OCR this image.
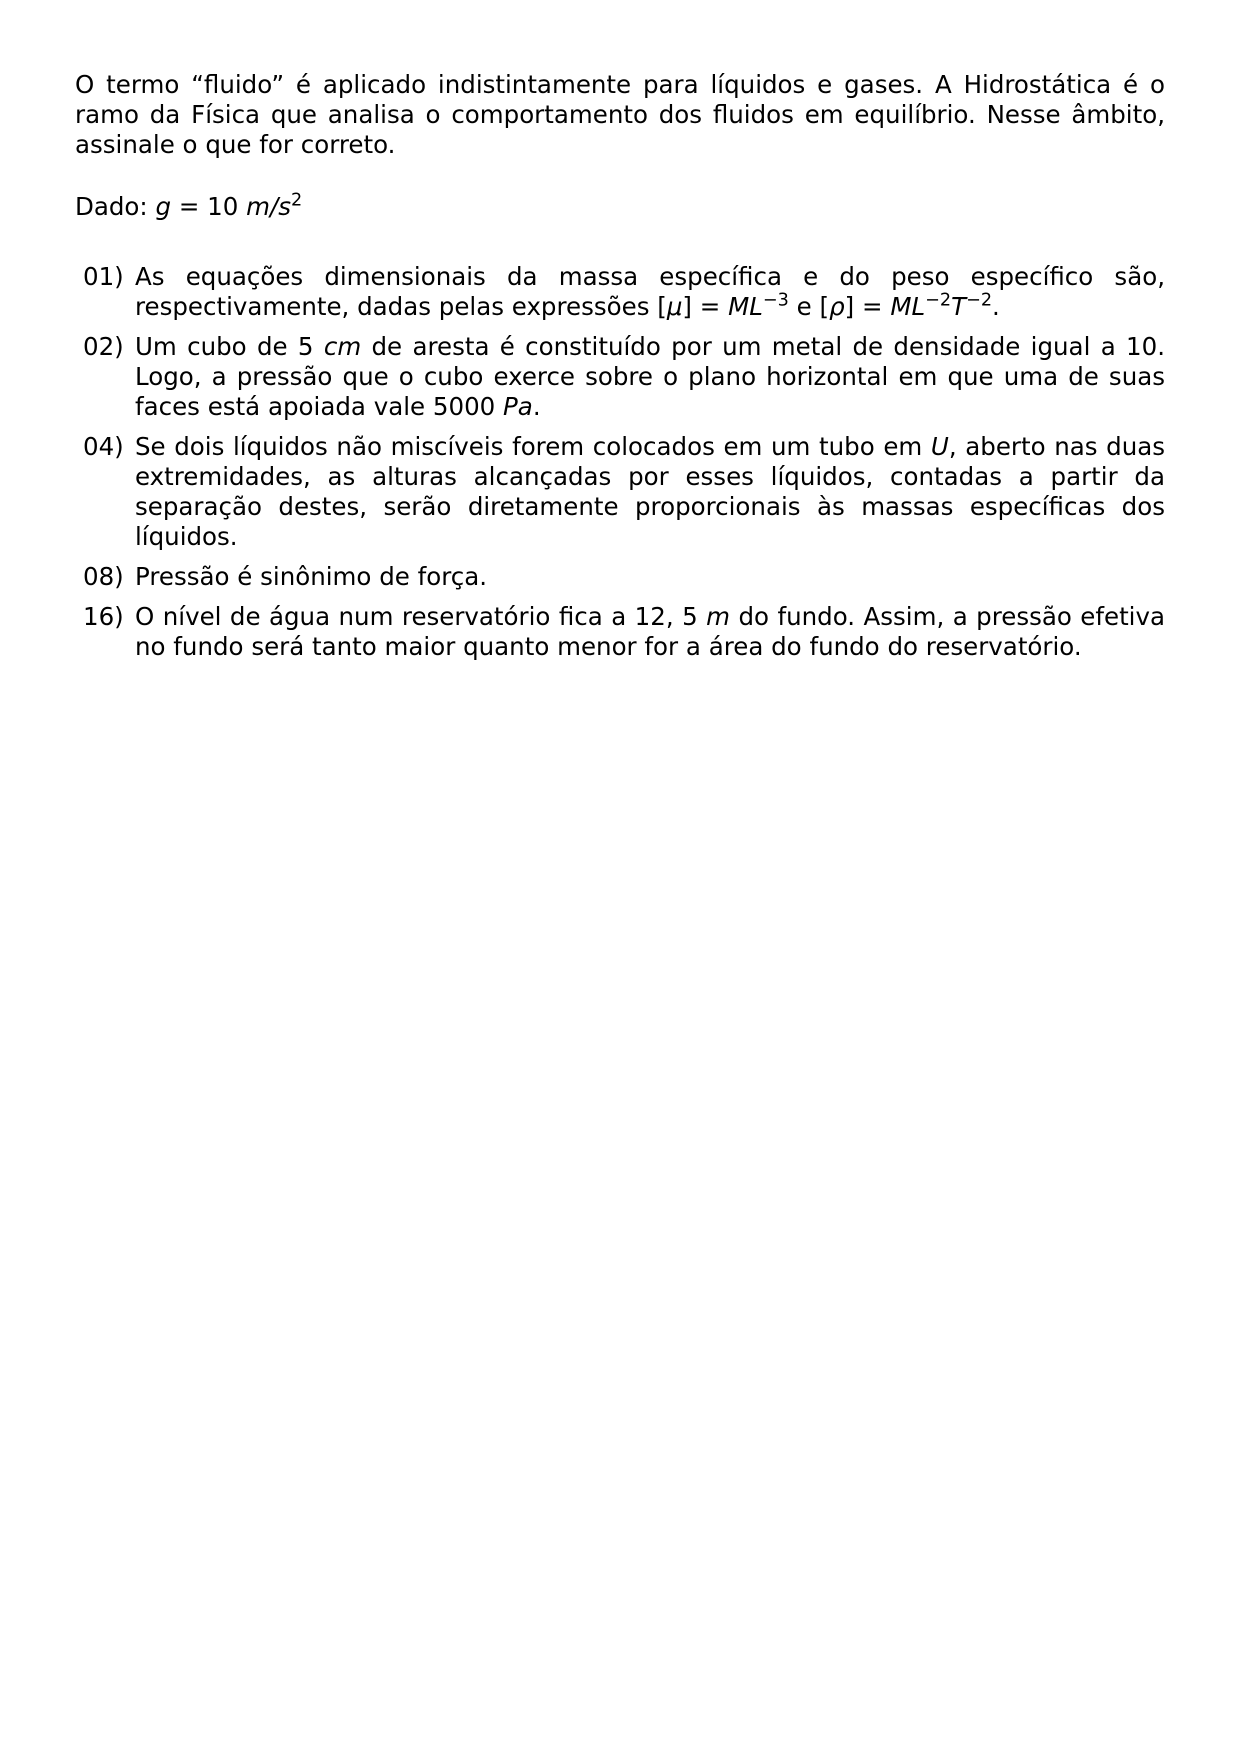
O termo “fluido” é aplicado indistintamente para líquidos e gases. A Hidrostática é o ramo da Física que analisa o comportamento dos fluidos em equilíbrio. Nesse âmbito, assinale o que for correto.

Dado: g = 10 $m/s^2$

01) As equações dimensionais da massa específica e do peso específico são, respectivamente, dadas pelas expressões $[\mu] = ML^{-3}$ e $[\rho] = ML^{-2}T^{-2}$.
02) Um cubo de 5 cm de aresta é constituído por um metal de densidade igual a 10. Logo, a pressão que o cubo exerce sobre o plano horizontal em que uma de suas faces está apoiada vale 5000 Pa.
04) Se dois líquidos não miscíveis forem colocados em um tubo em U, aberto nas duas extremidades, as alturas alcançadas por esses líquidos, contadas a partir da separação destes, serão diretamente proporcionais às massas específicas dos líquidos.
08) Pressão é sinônimo de força.
16) O nível de água num reservatório fica a 12, 5 m do fundo. Assim, a pressão efetiva no fundo será tanto maior quanto menor for a área do fundo do reservatório.
